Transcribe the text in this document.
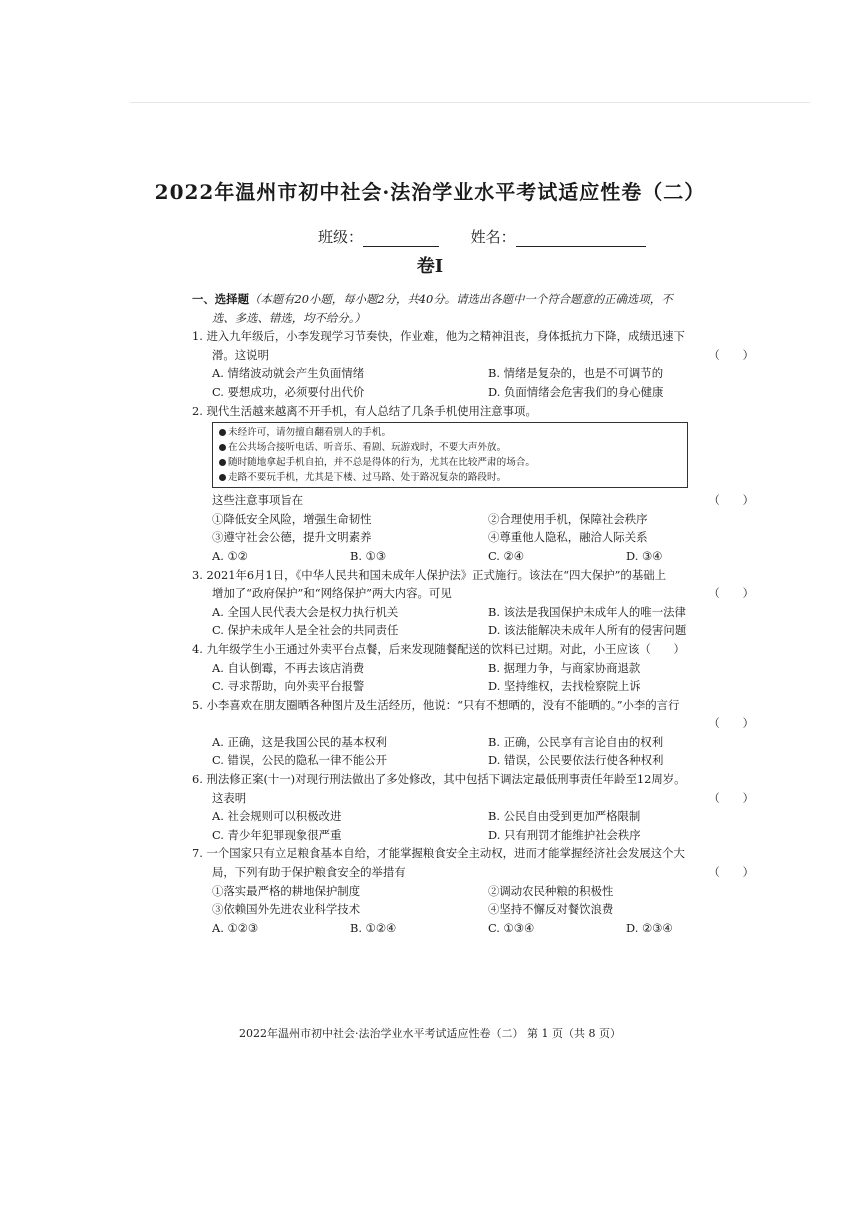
2022年温州市初中社会·法治学业水平考试适应性卷（二）
班级：	姓名：
卷Ⅰ
一、选择题（本题有20小题，每小题2分，共40分。请选出各题中一个符合题意的正确选项，不
选、多选、错选，均不给分。）
1. 进入九年级后，小李发现学习节奏快，作业难，他为之精神沮丧，身体抵抗力下降，成绩迅速下
滑。这说明	（　　）
A. 情绪波动就会产生负面情绪	B. 情绪是复杂的，也是不可调节的
C. 要想成功，必须要付出代价	D. 负面情绪会危害我们的身心健康
2. 现代生活越来越离不开手机，有人总结了几条手机使用注意事项。
未经许可，请勿擅自翻看别人的手机。
在公共场合接听电话、听音乐、看剧、玩游戏时，不要大声外放。
随时随地拿起手机自拍，并不总是得体的行为，尤其在比较严肃的场合。
走路不要玩手机，尤其是下楼、过马路、处于路况复杂的路段时。
这些注意事项旨在	（　　）
①降低安全风险，增强生命韧性	②合理使用手机，保障社会秩序
③遵守社会公德，提升文明素养	④尊重他人隐私，融洽人际关系
A. ①②	B. ①③	C. ②④	D. ③④
3. 2021年6月1日，《中华人民共和国未成年人保护法》正式施行。该法在“四大保护”的基础上
增加了“政府保护”和“网络保护”两大内容。可见	（　　）
A. 全国人民代表大会是权力执行机关	B. 该法是我国保护未成年人的唯一法律
C. 保护未成年人是全社会的共同责任	D. 该法能解决未成年人所有的侵害问题
4. 九年级学生小王通过外卖平台点餐，后来发现随餐配送的饮料已过期。对此，小王应该（　　）
A. 自认倒霉，不再去该店消费	B. 据理力争，与商家协商退款
C. 寻求帮助，向外卖平台报警	D. 坚持维权，去找检察院上诉
5. 小李喜欢在朋友圈晒各种图片及生活经历，他说：“只有不想晒的，没有不能晒的。”小李的言行
（　　）
A. 正确，这是我国公民的基本权利	B. 正确，公民享有言论自由的权利
C. 错误，公民的隐私一律不能公开	D. 错误，公民要依法行使各种权利
6. 刑法修正案(十一)对现行刑法做出了多处修改，其中包括下调法定最低刑事责任年龄至12周岁。
这表明	（　　）
A. 社会规则可以积极改进	B. 公民自由受到更加严格限制
C. 青少年犯罪现象很严重	D. 只有刑罚才能维护社会秩序
7. 一个国家只有立足粮食基本自给，才能掌握粮食安全主动权，进而才能掌握经济社会发展这个大
局，下列有助于保护粮食安全的举措有	（　　）
①落实最严格的耕地保护制度	②调动农民种粮的积极性
③依赖国外先进农业科学技术	④坚持不懈反对餐饮浪费
A. ①②③	B. ①②④	C. ①③④	D. ②③④
2022年温州市初中社会·法治学业水平考试适应性卷（二） 第 1 页（共 8 页）
